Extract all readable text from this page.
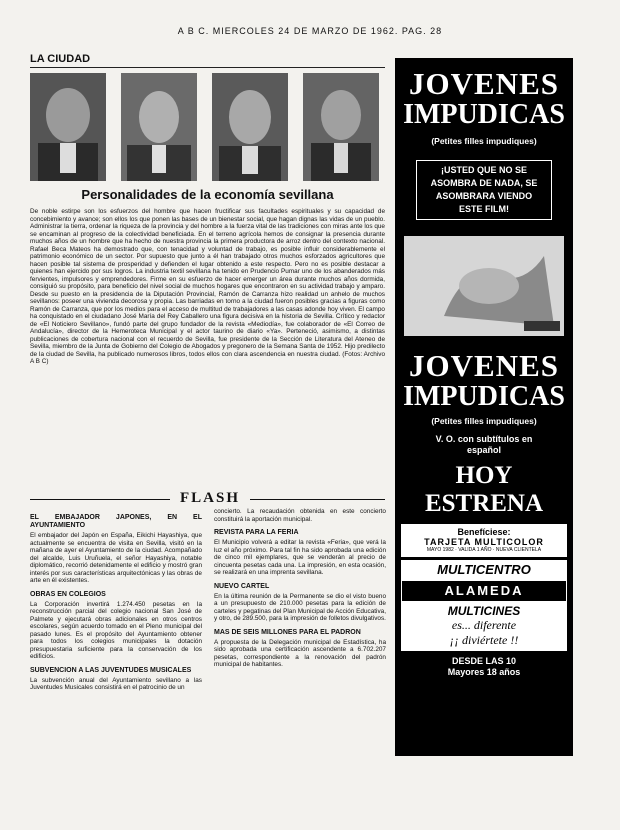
A B C. MIERCOLES 24 DE MARZO DE 1962. PAG. 28
LA CIUDAD
Personalidades de la economía sevillana
De noble estirpe son los esfuerzos del hombre que hacen fructificar sus facultades espirituales y su capacidad de concebimiento y avance; son ellos los que ponen las bases de un bienestar social, que hagan dignas las vidas de un pueblo. Administrar la tierra, ordenar la riqueza de la provincia y del hombre a la fuerza vital de las tradiciones con miras ante los que se encaminan al progreso de la colectividad beneficiada. En el terreno agrícola hemos de consignar la presencia durante muchos años de un hombre que ha hecho de nuestra provincia la primera productora de arroz dentro del contexto nacional. Rafael Beca Mateos ha demostrado que, con tenacidad y voluntad de trabajo, es posible influir considerablemente el patrimonio económico de un sector. Por supuesto que junto a él han trabajado otros muchos esforzados agricultores que hacen posible tal sistema de prosperidad y defienden el lugar obtenido a este respecto. Pero no es posible destacar a quienes han ejercido por sus logros. La industria textil sevillana ha tenido en Prudencio Pumar uno de los abanderados más fervientes, impulsores y emprendedores. Firme en su esfuerzo de hacer emerger un área durante muchos años dormida, consiguió su propósito, para beneficio del nivel social de muchos hogares que encontraron en su actividad trabajo y amparo. Desde su puesto en la presidencia de la Diputación Provincial, Ramón de Carranza hizo realidad un anhelo de muchos sevillanos: poseer una vivienda decorosa y propia. Las barriadas en torno a la ciudad fueron posibles gracias a figuras como Ramón de Carranza, que por los medios para el acceso de multitud de trabajadores a las casas adonde hoy viven. El campo ha conquistado en el ciudadano José María del Rey Caballero una figura decisiva en la historia de Sevilla. Crítico y redactor de «El Noticiero Sevillano», fundó parte del grupo fundador de la revista «Mediodía», fue colaborador de «El Correo de Andalucía», director de la Hemeroteca Municipal y el actor taurino de diario «Ya». Perteneció, asimismo, a distintas publicaciones de cobertura nacional con el recuerdo de Sevilla, fue presidente de la Sección de Literatura del Ateneo de Sevilla, miembro de la Junta de Gobierno del Colegio de Abogados y pregonero de la Semana Santa de 1952. Hijo predilecto de la ciudad de Sevilla, ha publicado numerosos libros, todos ellos con clara ascendencia en nuestra ciudad. (Fotos: Archivo A B C)
FLASH
EL EMBAJADOR JAPONES, EN EL AYUNTAMIENTO

El embajador del Japón en España, Eikichi Hayashiya, que actualmente se encuentra de visita en Sevilla, visitó en la mañana de ayer el Ayuntamiento de la ciudad. Acompañado del alcalde, Luis Uruñuela, el señor Hayashiya, notable diplomático, recorrió detenidamente el edificio y mostró gran interés por sus características arquitectónicas y las obras de arte en él existentes.

OBRAS EN COLEGIOS

La Corporación invertirá 1.274.450 pesetas en la reconstrucción parcial del colegio nacional San José de Palmete y ejecutará obras adicionales en otros centros escolares, según acuerdo tomado en el Pleno municipal del pasado lunes. Es el propósito del Ayuntamiento obtener para todos los colegios municipales la dotación presupuestaria suficiente para la conservación de los edificios.

SUBVENCION A LAS JUVENTUDES MUSICALES

La subvención anual del Ayuntamiento sevillano a las Juventudes Musicales consistirá en el patrocinio de un

concierto. La recaudación obtenida en este concierto constituirá la aportación municipal.

REVISTA PARA LA FERIA

El Municipio volverá a editar la revista «Feria», que verá la luz el año próximo. Para tal fin ha sido aprobada una edición de cinco mil ejemplares, que se venderán al precio de cincuenta pesetas cada una. La impresión, en esta ocasión, se realizará en una imprenta sevillana.

NUEVO CARTEL

En la última reunión de la Permanente se dio el visto bueno a un presupuesto de 210.000 pesetas para la edición de carteles y pegatinas del Plan Municipal de Acción Educativa, y otro, de 289.500, para la impresión de folletos divulgativos.

MAS DE SEIS MILLONES PARA EL PADRON

A propuesta de la Delegación municipal de Estadística, ha sido aprobada una certificación ascendente a 6.702.207 pesetas, correspondiente a la renovación del padrón municipal de habitantes.

JOVENES
IMPUDICAS
(Petites filles impudiques)
¡USTED QUE NO SE
ASOMBRA DE NADA, SE
ASOMBRARA VIENDO
ESTE FILM!
JOVENES
IMPUDICAS
(Petites filles impudiques)
V. O. con subtítulos en
español
HOY ESTRENA
Benefíciese:
TARJETA MULTICOLOR
MAYO 1982 · VALIDA 1 AÑO · NUEVA CLIENTELA
MULTICENTRO
ALAMEDA
MULTICINES
es... diferente
¡¡ diviértete !!
DESDE LAS 10
Mayores 18 años
